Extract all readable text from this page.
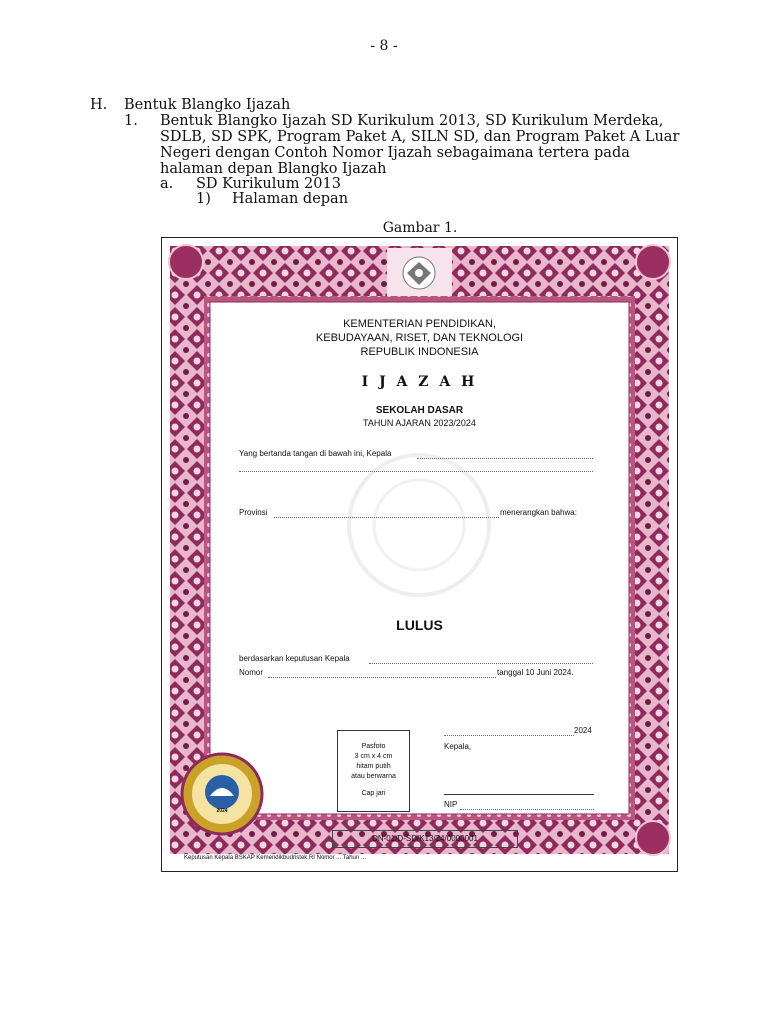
- 8 -
H. Bentuk Blangko Ijazah
1. Bentuk Blangko Ijazah SD Kurikulum 2013, SD Kurikulum Merdeka,
SDLB, SD SPK, Program Paket A, SILN SD, dan Program Paket A Luar
Negeri dengan Contoh Nomor Ijazah sebagaimana tertera pada
halaman depan Blangko Ijazah
a. SD Kurikulum 2013
1) Halaman depan
Gambar 1.
KEMENTERIAN PENDIDIKAN,
KEBUDAYAAN, RISET, DAN TEKNOLOGI
REPUBLIK INDONESIA
I J A Z A H
SEKOLAH DASAR
TAHUN AJARAN 2023/2024
Yang bertanda tangan di bawah ini, Kepala
Provinsi	menerangkan bahwa:
LULUS
berdasarkan keputusan Kepala
Nomor	tanggal 10 Juni 2024.
2024
Kepala,
NIP
Pasfoto
3 cm x 4 cm
hitam putih
atau berwarna
Cap jari
2024
DN-01/D-SD/K13/24/0000001
Keputusan Kepala BSKAP Kemendikbudristek RI Nomor ... Tahun ...
